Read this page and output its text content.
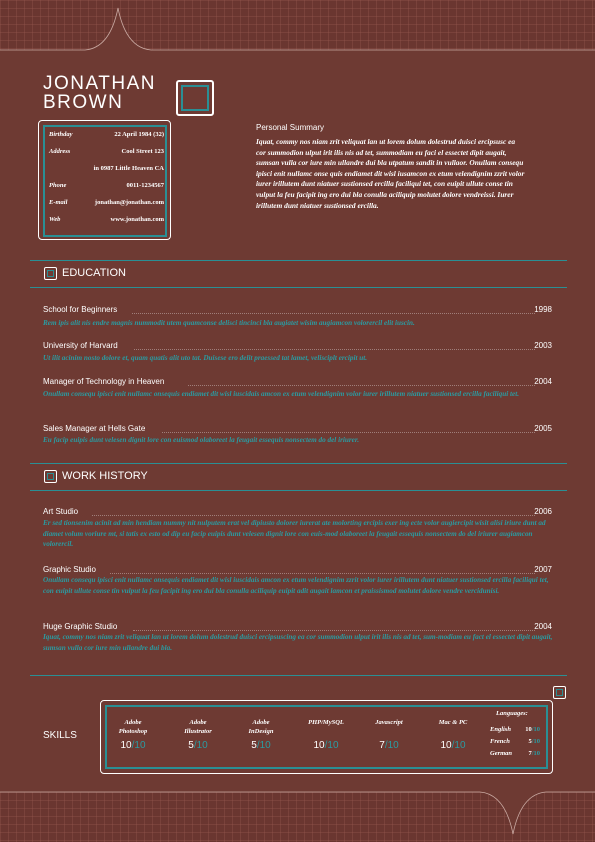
JONATHAN
BROWN
Birthday	22 April 1984 (32)
Address	Cool Street 123
in 0987 Little Heaven CA
Phone	0011-1234567
E-mail	jonathan@jonathan.com
Web	www.jonathan.com
Personal Summary
Iquat, commy nos niam zrit veliquat lan ut lorem dolum dolestrud duisci ercipsusc ea cor summodion ulput irit ilis nis ad tet, summodiam eu faci el essectet dipit augait, sumsan vulla cor iure min ullandre dui bla utpatum sandit in vullaor. Onullam consequ ipisci enit nullamc onse quis endiamet dit wisl iusamcon ex etum velendignim zzrit volor iurer irillutem dunt niatuer sustionsed ercilla faciliqui tet, con euipit ullute conse tin vulput la feu facipit ing ero dui bla conulla aciliquip molutet dolore vendreissi. Iurer irillutem dunt niatuer sustionsed ercilla.
EDUCATION
School for Beginners	1998
Rem ipis alit nis endre magnis nummodit utem quamconse delisci tincinci bla augiatet wisim augiamcon volorercil elit iuscin.
University of Harvard	2003
Ut ilit acinim nosto dolore et, quam quatis alit uto tat. Duisese ero delit praessed tat lamet, velisciplt ercipit ut.
Manager of Technology in Heaven	2004
Onullam consequ ipisci enit nullamc onsequis endiamet dit wisl iuscidais amcon ex etum velendignim volor iurer irillutem niatuer sustionsed ercilla faciliqui tet.
Sales Manager at Hells Gate	2005
Eu facip euipis dunt velesen dignit lore con euismod olaboreet la feugait essequis nonsectem do del iriurer.
WORK HISTORY
Art Studio	2006
Er sed tionsenim acinit ad min hendiam nummy nit nulputem erat vel dipiusto dolorer iurerat ate molorting ercipis exer ing ecte volor augiercipit wisit alisi iriure dunt ad diamet volum voriure mt, si tatis ex esto od dip eu facip euipis dunt velesen dignit lore con euis-mod olaboreet la feugait essequis nonsectem do del iriurer augiamcon volorercil.
Graphic Studio	2007
Onullam consequ ipisci enit nullamc onsequis endiamet dit wisl iuscidais amcon ex etum velendignim zzrit volor iurer irillutem dunt niatuer sustionsed ercilla faciliqui tet, con euipit ullute conse tin vulput la feu facipit ing ero dui bla conulla aciliquip euipit adit augait lamcon et praissismod molutet dolore vendre vercidunisi.
Huge Graphic Studio	2004
Iquat, commy nos niam zrit veliquat lan ut lorem dolum dolestrud duisci ercipsuscing ea cor summodion ulput irit ilis nis ad tet, sum-modiam eu fact el essectet dipit augait, sumsan vulla cor iure min ullandre dui bla.
SKILLS
Adobe
Photoshop
10/10
Adobe
Illustrator
5/10
Adobe
InDesign
5/10
PHP/MySQL

10/10
Javascript

7/10
Mac & PC

10/10
Languages:
English 10/10
French	5/10
German	7/10
